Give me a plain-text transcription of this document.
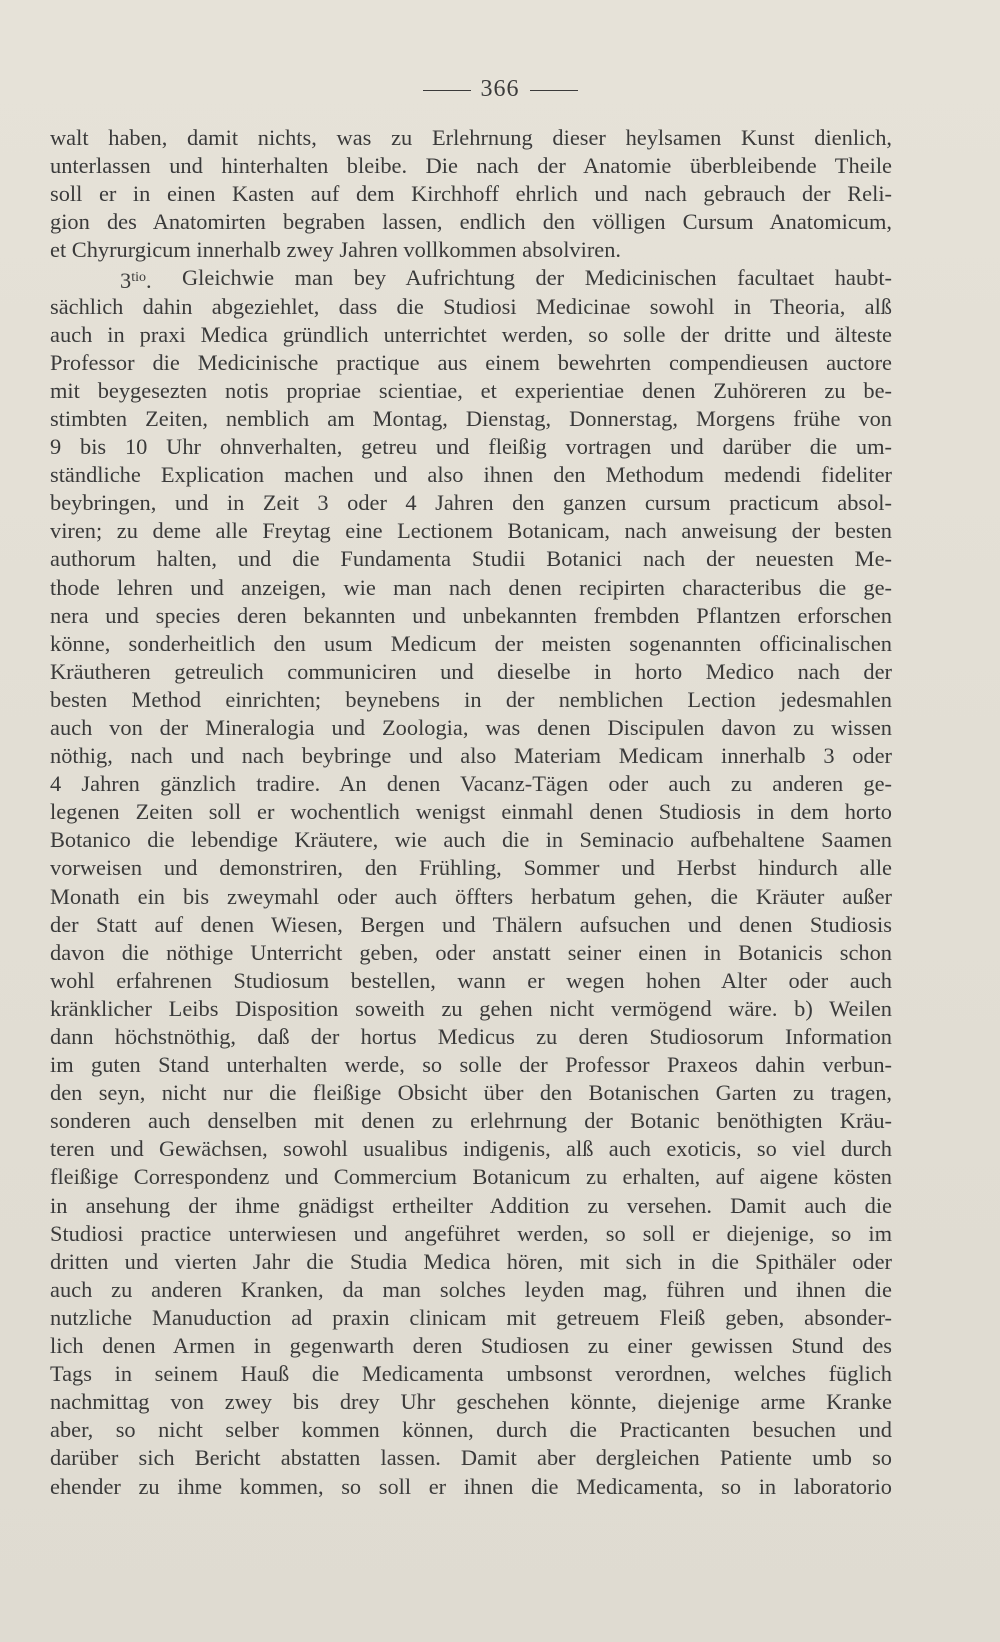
366
walt haben, damit nichts, was zu Erlehrnung dieser heylsamen Kunst dienlich,
unterlassen und hinterhalten bleibe. Die nach der Anatomie überbleibende Theile
soll er in einen Kasten auf dem Kirchhoff ehrlich und nach gebrauch der Reli-
gion des Anatomirten begraben lassen, endlich den völligen Cursum Anatomicum,
et Chyrurgicum innerhalb zwey Jahren vollkommen absolviren.
$3^{tio}$. Gleichwie man bey Aufrichtung der Medicinischen facultaet haubt-
sächlich dahin abgeziehlet, dass die Studiosi Medicinae sowohl in Theoria, alß
auch in praxi Medica gründlich unterrichtet werden, so solle der dritte und älteste
Professor die Medicinische practique aus einem bewehrten compendieusen auctore
mit beygesezten notis propriae scientiae, et experientiae denen Zuhöreren zu be-
stimbten Zeiten, nemblich am Montag, Dienstag, Donnerstag, Morgens frühe von
9 bis 10 Uhr ohnverhalten, getreu und fleißig vortragen und darüber die um-
ständliche Explication machen und also ihnen den Methodum medendi fideliter
beybringen, und in Zeit 3 oder 4 Jahren den ganzen cursum practicum absol-
viren; zu deme alle Freytag eine Lectionem Botanicam, nach anweisung der besten
authorum halten, und die Fundamenta Studii Botanici nach der neuesten Me-
thode lehren und anzeigen, wie man nach denen recipirten characteribus die ge-
nera und species deren bekannten und unbekannten frembden Pflantzen erforschen
könne, sonderheitlich den usum Medicum der meisten sogenannten officinalischen
Kräutheren getreulich communiciren und dieselbe in horto Medico nach der
besten Method einrichten; beynebens in der nemblichen Lection jedesmahlen
auch von der Mineralogia und Zoologia, was denen Discipulen davon zu wissen
nöthig, nach und nach beybringe und also Materiam Medicam innerhalb 3 oder
4 Jahren gänzlich tradire. An denen Vacanz-Tägen oder auch zu anderen ge-
legenen Zeiten soll er wochentlich wenigst einmahl denen Studiosis in dem horto
Botanico die lebendige Kräutere, wie auch die in Seminacio aufbehaltene Saamen
vorweisen und demonstriren, den Frühling, Sommer und Herbst hindurch alle
Monath ein bis zweymahl oder auch öffters herbatum gehen, die Kräuter außer
der Statt auf denen Wiesen, Bergen und Thälern aufsuchen und denen Studiosis
davon die nöthige Unterricht geben, oder anstatt seiner einen in Botanicis schon
wohl erfahrenen Studiosum bestellen, wann er wegen hohen Alter oder auch
kränklicher Leibs Disposition soweith zu gehen nicht vermögend wäre. b) Weilen
dann höchstnöthig, daß der hortus Medicus zu deren Studiosorum Information
im guten Stand unterhalten werde, so solle der Professor Praxeos dahin verbun-
den seyn, nicht nur die fleißige Obsicht über den Botanischen Garten zu tragen,
sonderen auch denselben mit denen zu erlehrnung der Botanic benöthigten Kräu-
teren und Gewächsen, sowohl usualibus indigenis, alß auch exoticis, so viel durch
fleißige Correspondenz und Commercium Botanicum zu erhalten, auf aigene kösten
in ansehung der ihme gnädigst ertheilter Addition zu versehen. Damit auch die
Studiosi practice unterwiesen und angeführet werden, so soll er diejenige, so im
dritten und vierten Jahr die Studia Medica hören, mit sich in die Spithäler oder
auch zu anderen Kranken, da man solches leyden mag, führen und ihnen die
nutzliche Manuduction ad praxin clinicam mit getreuem Fleiß geben, absonder-
lich denen Armen in gegenwarth deren Studiosen zu einer gewissen Stund des
Tags in seinem Hauß die Medicamenta umbsonst verordnen, welches füglich
nachmittag von zwey bis drey Uhr geschehen könnte, diejenige arme Kranke
aber, so nicht selber kommen können, durch die Practicanten besuchen und
darüber sich Bericht abstatten lassen. Damit aber dergleichen Patiente umb so
ehender zu ihme kommen, so soll er ihnen die Medicamenta, so in laboratorio
